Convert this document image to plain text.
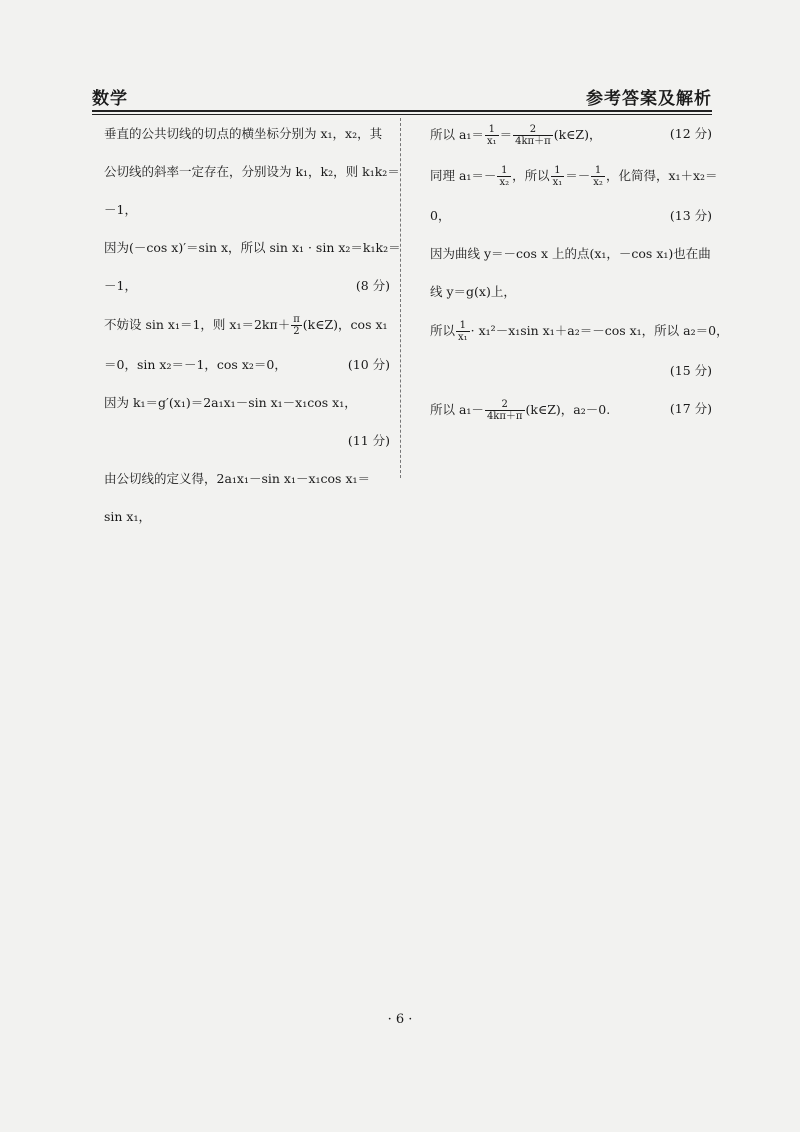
数学	参考答案及解析
垂直的公共切线的切点的横坐标分别为 x₁，x₂，其
公切线的斜率一定存在，分别设为 k₁，k₂，则 k₁k₂＝
－1，
因为(－cos x)′＝sin x，所以 sin x₁ · sin x₂＝k₁k₂＝
－1，	(8 分)
不妨设 sin x₁＝1，则 $x_1=2k\pi+ \frac{\pi}{2}$ (k∈Z)，cos x₁
＝0，sin x₂＝－1，cos x₂＝0，	(10 分)
因为 k₁＝g′(x₁)＝2a₁x₁－sin x₁－x₁cos x₁，
(11 分)
由公切线的定义得，2a₁x₁－sin x₁－x₁cos x₁＝
sin x₁，
所以 $a_1= \frac{1}{\text{x₁}} = \frac{2}{4k\pi+\pi}$ (k∈Z)，	(12 分)
同理 $a_1=- \frac{1}{\text{x₂}}$ ，所以 $\frac{1}{\text{x₁}} =- \frac{1}{\text{x₂}}$ ，化简得，x₁＋x₂＝
0，	(13 分)
因为曲线 y＝－cos x 上的点(x₁，－cos x₁)也在曲
线 y＝g(x)上，
所以 $\frac{1}{\text{x₁}} \cdot x_1^2-x_1\sin$ x₁＋a₂＝－cos x₁，所以 a₂＝0，
(15 分)
所以 $a_1- \frac{2}{4k\pi+\pi}$ (k∈Z)，a₂－0.	(17 分)
· 6 ·
